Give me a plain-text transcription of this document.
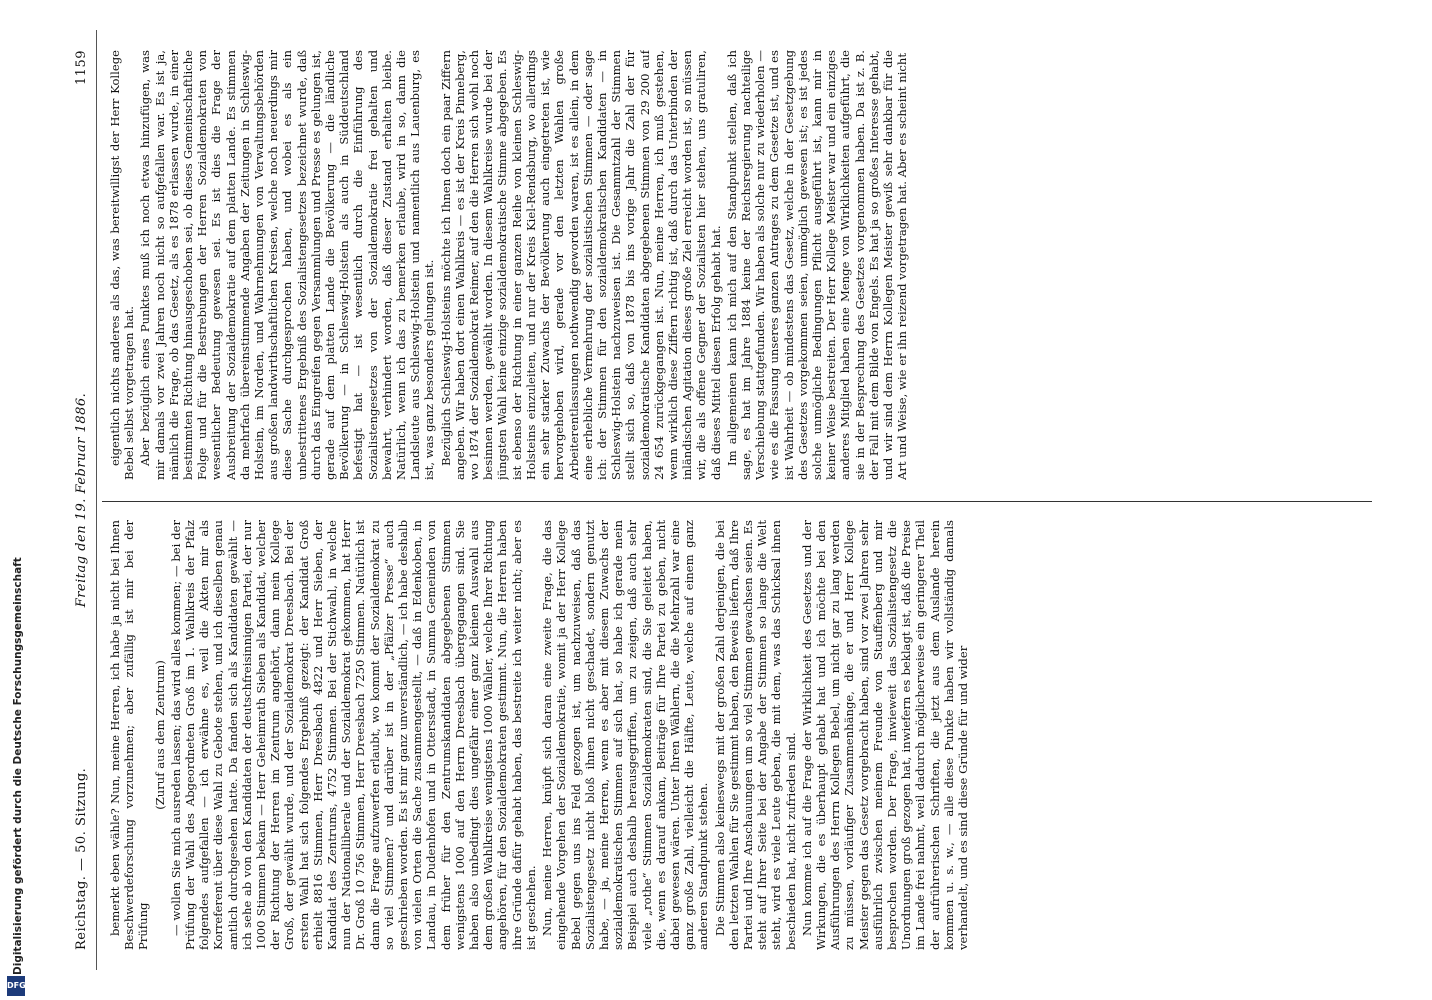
Reichstag. — 50. Sitzung.
Freitag den 19. Februar 1886.
1159

bemerkt eben wähle? Nun, meine Herren, ich habe ja nicht bei Ihnen Beschwerdeforschung vorzunehmen; aber zufällig ist mir bei der Prüfung

(Zuruf aus dem Zentrum) — wollen Sie mich ausreden lassen; das wird alles kommen; — bei der Prüfung der Wahl des Abgeordneten Groß im 1. Wahlkreis der Pfalz folgendes aufgefallen — ich erwähne es, weil die Akten mir als Korreferent über diese Wahl zu Gebote stehen, und ich dieselben genau amtlich durchgesehen hatte. Da fanden sich als Kandidaten gewählt — ich sehe ab von den Kandidaten der deutschfreisinnigen Partei, der nur 1000 Stimmen bekam — Herr Geheimrath Sieben als Kandidat, welcher der Richtung der Herren im Zentrum angehört, dann mein Kollege Groß, der gewählt wurde, und der Sozialdemokrat Dreesbach. Bei der ersten Wahl hat sich folgendes Ergebniß gezeigt: der Kandidat Groß erhielt 8816 Stimmen, Herr Dreesbach 4822 und Herr Sieben, der Kandidat des Zentrums, 4752 Stimmen. Bei der Stichwahl, in welche nun der Nationalliberale und der Sozialdemokrat gekommen, hat Herr Dr. Groß 10 756 Stimmen, Herr Dreesbach 7250 Stimmen. Natürlich ist dann die Frage aufzuwerfen erlaubt, wo kommt der Sozialdemokrat zu so viel Stimmen? und darüber ist in der „Pfälzer Presse“ auch geschrieben worden. Es ist mir ganz unverständlich, — ich habe deshalb von vielen Orten die Sache zusammengestellt, — daß in Edenkoben, in Landau, in Dudenhofen und in Ottersstadt, in Summa Gemeinden von dem früher für den Zentrumskandidaten abgegebenen Stimmen wenigstens 1000 auf den Herrn Dreesbach übergegangen sind. Sie haben also unbedingt dies ungefähr einer ganz kleinen Auswahl aus dem großen Wahlkreise wenigstens 1000 Wähler, welche Ihrer Richtung angehören, für den Sozialdemokraten gestimmt. Nun, die Herren haben ihre Gründe dafür gehabt haben, das bestreite ich weiter nicht; aber es ist geschehen. Nun, meine Herren, knüpft sich daran eine zweite Frage, die das eingehende Vorgehen der Sozialdemokratie, womit ja der Herr Kollege Bebel gegen uns ins Feld gezogen ist, um nachzuweisen, daß das Sozialistengesetz nicht bloß ihnen nicht geschadet, sondern genutzt habe, — ja, meine Herren, wenn es aber mit diesem Zuwachs der sozialdemokratischen Stimmen auf sich hat, so habe ich gerade mein Beispiel auch deshalb herausgegriffen, um zu zeigen, daß auch sehr viele „rothe“ Stimmen Sozialdemokraten sind, die Sie geleitet haben, die, wenn es darauf ankam, Beiträge für Ihre Partei zu geben, nicht dabei gewesen wären. Unter Ihren Wählern, die die Mehrzahl war eine ganz große Zahl, vielleicht die Hälfte, Leute, welche auf einem ganz anderen Standpunkt stehen. Die Stimmen also keineswegs mit der großen Zahl derjenigen, die bei den letzten Wahlen für Sie gestimmt haben, den Beweis liefern, daß Ihre Partei und Ihre Anschauungen um so viel Stimmen gewachsen seien. Es steht auf Ihrer Seite bei der Angabe der Stimmen so lange die Welt steht, wird es viele Leute geben, die mit dem, was das Schicksal ihnen beschieden hat, nicht zufrieden sind. Nun komme ich auf die Frage der Wirklichkeit des Gesetzes und der Wirkungen, die es überhaupt gehabt hat und ich möchte bei den Ausführungen des Herrn Kollegen Bebel, um nicht gar zu lang werden zu müssen, vorläufiger Zusammenhänge, die er und Herr Kollege Meister gegen das Gesetz vorgebracht haben, sind vor zwei Jahren sehr ausführlich zwischen meinem Freunde von Stauffenberg und mir besprochen worden. Der Frage, inwieweit das Sozialistengesetz die Unordnungen groß gezogen hat, inwiefern es beklagt ist, daß die Preise im Lande frei nahmt, weil dadurch möglicherweise ein geringerer Theil der aufrührerischen Schriften, die jetzt aus dem Auslande herein kommen u. s. w., — alle diese Punkte haben wir vollständig damals verhandelt, und es sind diese Gründe für und wider

eigentlich nichts anderes als das, was bereitwilligst der Herr Kollege Bebel selbst vorgetragen hat. Aber bezüglich eines Punktes muß ich noch etwas hinzufügen, was mir damals vor zwei Jahren noch nicht so aufgefallen war. Es ist ja, nämlich die Frage, ob das Gesetz, als es 1878 erlassen wurde, in einer bestimmten Richtung hinausgeschoben sei, ob dieses Gemeinschaftliche Folge und für die Bestrebungen der Herren Sozialdemokraten von wesentlicher Bedeutung gewesen sei. Es ist dies die Frage der Ausbreitung der Sozialdemokratie auf dem platten Lande. Es stimmen da mehrfach übereinstimmende Angaben der Zeitungen in Schleswig-Holstein, im Norden, und Wahrnehmungen von Verwaltungsbehörden aus großen landwirthschaftlichen Kreisen, welche noch neuerdings mir diese Sache durchgesprochen haben, und wobei es als ein unbestrittenes Ergebniß des Sozialistengesetzes bezeichnet wurde, daß durch das Eingreifen gegen Versammlungen und Presse es gelungen ist, gerade auf dem platten Lande die Bevölkerung — die ländliche Bevölkerung — in Schleswig-Holstein als auch in Süddeutschland befestigt hat — ist wesentlich durch die Einführung des Sozialistengesetzes von der Sozialdemokratie frei gehalten und bewahrt, verhindert worden, daß dieser Zustand erhalten bleibe. Natürlich, wenn ich das zu bemerken erlaube, wird in so, dann die Landsleute aus Schleswig-Holstein und namentlich aus Lauenburg, es ist, was ganz besonders gelungen ist. Bezüglich Schleswig-Holsteins möchte ich Ihnen doch ein paar Ziffern angeben. Wir haben dort einen Wahlkreis — es ist der Kreis Pinneberg, wo 1874 der Sozialdemokrat Reimer, auf den die Herren sich wohl noch besinnen werden, gewählt worden. In diesem Wahlkreise wurde bei der jüngsten Wahl keine einzige sozialdemokratische Stimme abgegeben. Es ist ebenso der Richtung in einer ganzen Reihe von kleinen Schleswig-Holsteins einzuleiten, und nur der Kreis Kiel-Rendsburg, wo allerdings ein sehr starker Zuwachs der Bevölkerung auch eingetreten ist, wie hervorgehoben wird, gerade vor den letzten Wahlen große Arbeiterentlassungen nothwendig geworden waren, ist es allein, in dem eine erhebliche Vermehrung der sozialistischen Stimmen — oder sage ich: der Stimmen für den sozialdemokratischen Kandidaten — in Schleswig-Holstein nachzuweisen ist. Die Gesammtzahl der Stimmen stellt sich so, daß von 1878 bis ins vorige Jahr die Zahl der für sozialdemokratische Kandidaten abgegebenen Stimmen von 29 200 auf 24 654 zurückgegangen ist. Nun, meine Herren, ich muß gestehen, wenn wirklich diese Ziffern richtig ist, daß durch das Unterbinden der inländischen Agitation dieses große Ziel erreicht worden ist, so müssen wir, die als offene Gegner der Sozialisten hier stehen, uns gratuliren, daß dieses Mittel diesen Erfolg gehabt hat. Im allgemeinen kann ich mich auf den Standpunkt stellen, daß ich sage, es hat im Jahre 1884 keine der Reichsregierung nachteilige Verschiebung stattgefunden. Wir haben als solche nur zu wiederholen — wie es die Fassung unseres ganzen Antrages zu dem Gesetze ist, und es ist Wahrheit — ob mindestens das Gesetz, welche in der Gesetzgebung des Gesetzes vorgekommen seien, unmöglich gewesen ist; es ist jedes solche unmögliche Bedingungen Pflicht ausgeführt ist, kann mir in keiner Weise bestreiten. Der Herr Kollege Meister war und ein einziges anderes Mitglied haben eine Menge von Wirklichkeiten aufgeführt, die sie in der Besprechung des Gesetzes vorgenommen haben. Da ist z. B. der Fall mit dem Bilde von Engels. Es hat ja so großes Interesse gehabt, und wir sind dem Herrn Kollegen Meister gewiß sehr dankbar für die Art und Weise, wie er ihn reizend vorgetragen hat. Aber es scheint nicht

Digitalisierung gefördert durch die Deutsche Forschungsgemeinschaft
DFG
